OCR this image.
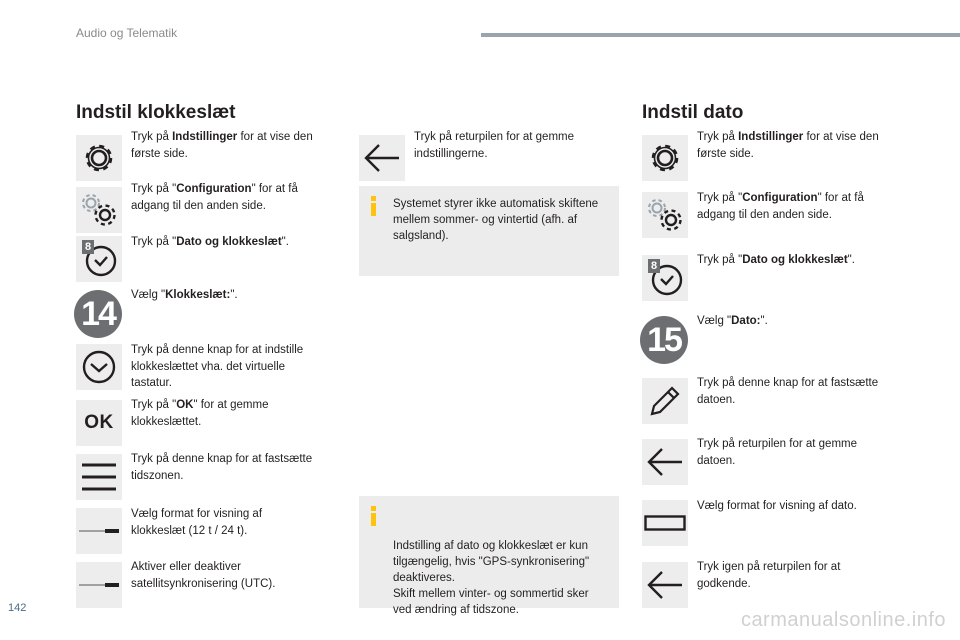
Audio og Telematik
Indstil klokkeslæt
Tryk på Indstillinger for at vise den første side.
Tryk på "Configuration" for at få adgang til den anden side.
8	Tryk på "Dato og klokkeslæt".
14	Vælg "Klokkeslæt:".
Tryk på denne knap for at indstille klokkeslættet vha. det virtuelle tastatur.
OK
Tryk på "OK" for at gemme klokkeslættet.
Tryk på denne knap for at fastsætte tidszonen.
Vælg format for visning af klokkeslæt (12 t / 24 t).
Aktiver eller deaktiver satellitsynkronisering (UTC).
Tryk på returpilen for at gemme indstillingerne.
Systemet styrer ikke automatisk skiftene mellem sommer- og vintertid (afh. af salgsland).

Indstilling af dato og klokkeslæt er kun tilgængelig, hvis "GPS-synkronisering" deaktiveres.
Skift mellem vinter- og sommertid sker ved ændring af tidszone.

Indstil dato
Tryk på Indstillinger for at vise den første side.
Tryk på "Configuration" for at få adgang til den anden side.
8	Tryk på "Dato og klokkeslæt".
15	Vælg "Dato:".
Tryk på denne knap for at fastsætte datoen.
Tryk på returpilen for at gemme datoen.
Vælg format for visning af dato.
Tryk igen på returpilen for at godkende.
142
carmanualsonline.info
